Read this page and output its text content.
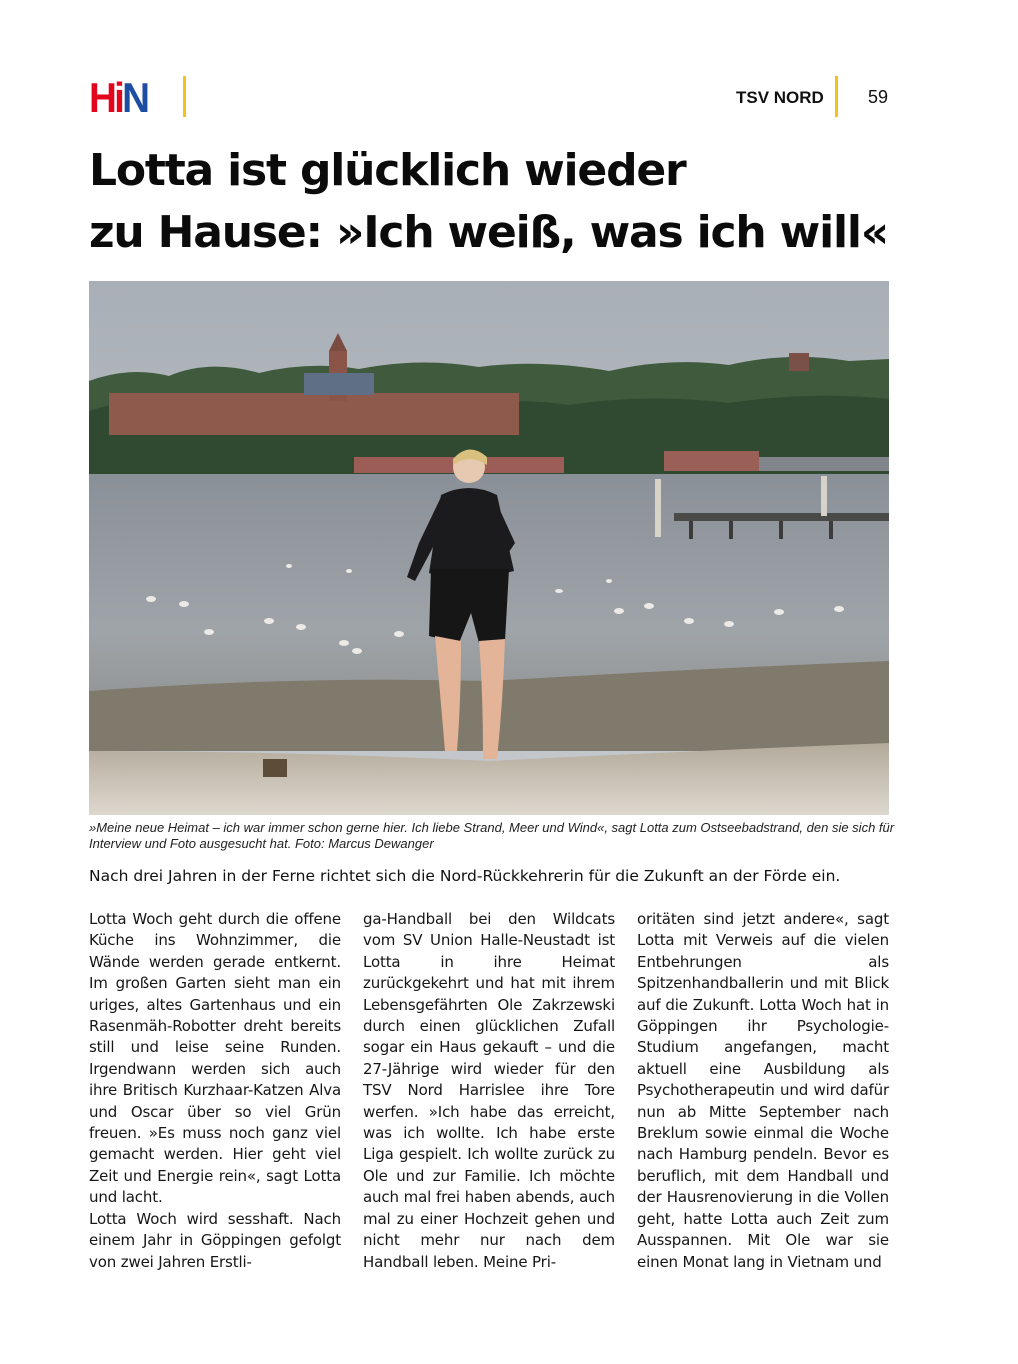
HiN	TSV NORD 59
Lotta ist glücklich wieder
zu Hause: »Ich weiß, was ich will«

»Meine neue Heimat – ich war immer schon gerne hier. Ich liebe Strand, Meer und Wind«, sagt Lotta zum Ostseebadstrand, den sie sich für Interview und Foto ausgesucht hat. Foto: Marcus Dewanger

Nach drei Jahren in der Ferne richtet sich die Nord-Rückkehrerin für die Zukunft an der Förde ein.

Lotta Woch geht durch die offene Küche ins Wohnzimmer, die Wände werden gerade entkernt. Im großen Garten sieht man ein uriges, altes Gartenhaus und ein Rasenmäh-Robotter dreht bereits still und leise seine Runden. Irgendwann werden sich auch ihre Britisch Kurzhaar-Katzen Alva und Oscar über so viel Grün freuen. »Es muss noch ganz viel gemacht werden. Hier geht viel Zeit und Energie rein«, sagt Lotta und lacht.

Lotta Woch wird sesshaft. Nach einem Jahr in Göppingen gefolgt von zwei Jahren Erstli-

ga-Handball bei den Wildcats vom SV Union Halle-Neustadt ist Lotta in ihre Heimat zurückgekehrt und hat mit ihrem Lebensgefährten Ole Zakrzewski durch einen glücklichen Zufall sogar ein Haus gekauft – und die 27-Jährige wird wieder für den TSV Nord Harrislee ihre Tore werfen. »Ich habe das erreicht, was ich wollte. Ich habe erste Liga gespielt. Ich wollte zurück zu Ole und zur Familie. Ich möchte auch mal frei haben abends, auch mal zu einer Hochzeit gehen und nicht mehr nur nach dem Handball leben. Meine Pri-

oritäten sind jetzt andere«, sagt Lotta mit Verweis auf die vielen Entbehrungen als Spitzenhandballerin und mit Blick auf die Zukunft. Lotta Woch hat in Göppingen ihr Psychologie-Studium angefangen, macht aktuell eine Ausbildung als Psychotherapeutin und wird dafür nun ab Mitte September nach Breklum sowie einmal die Woche nach Hamburg pendeln. Bevor es beruflich, mit dem Handball und der Hausrenovierung in die Vollen geht, hatte Lotta auch Zeit zum Ausspannen. Mit Ole war sie einen Monat lang in Vietnam und
